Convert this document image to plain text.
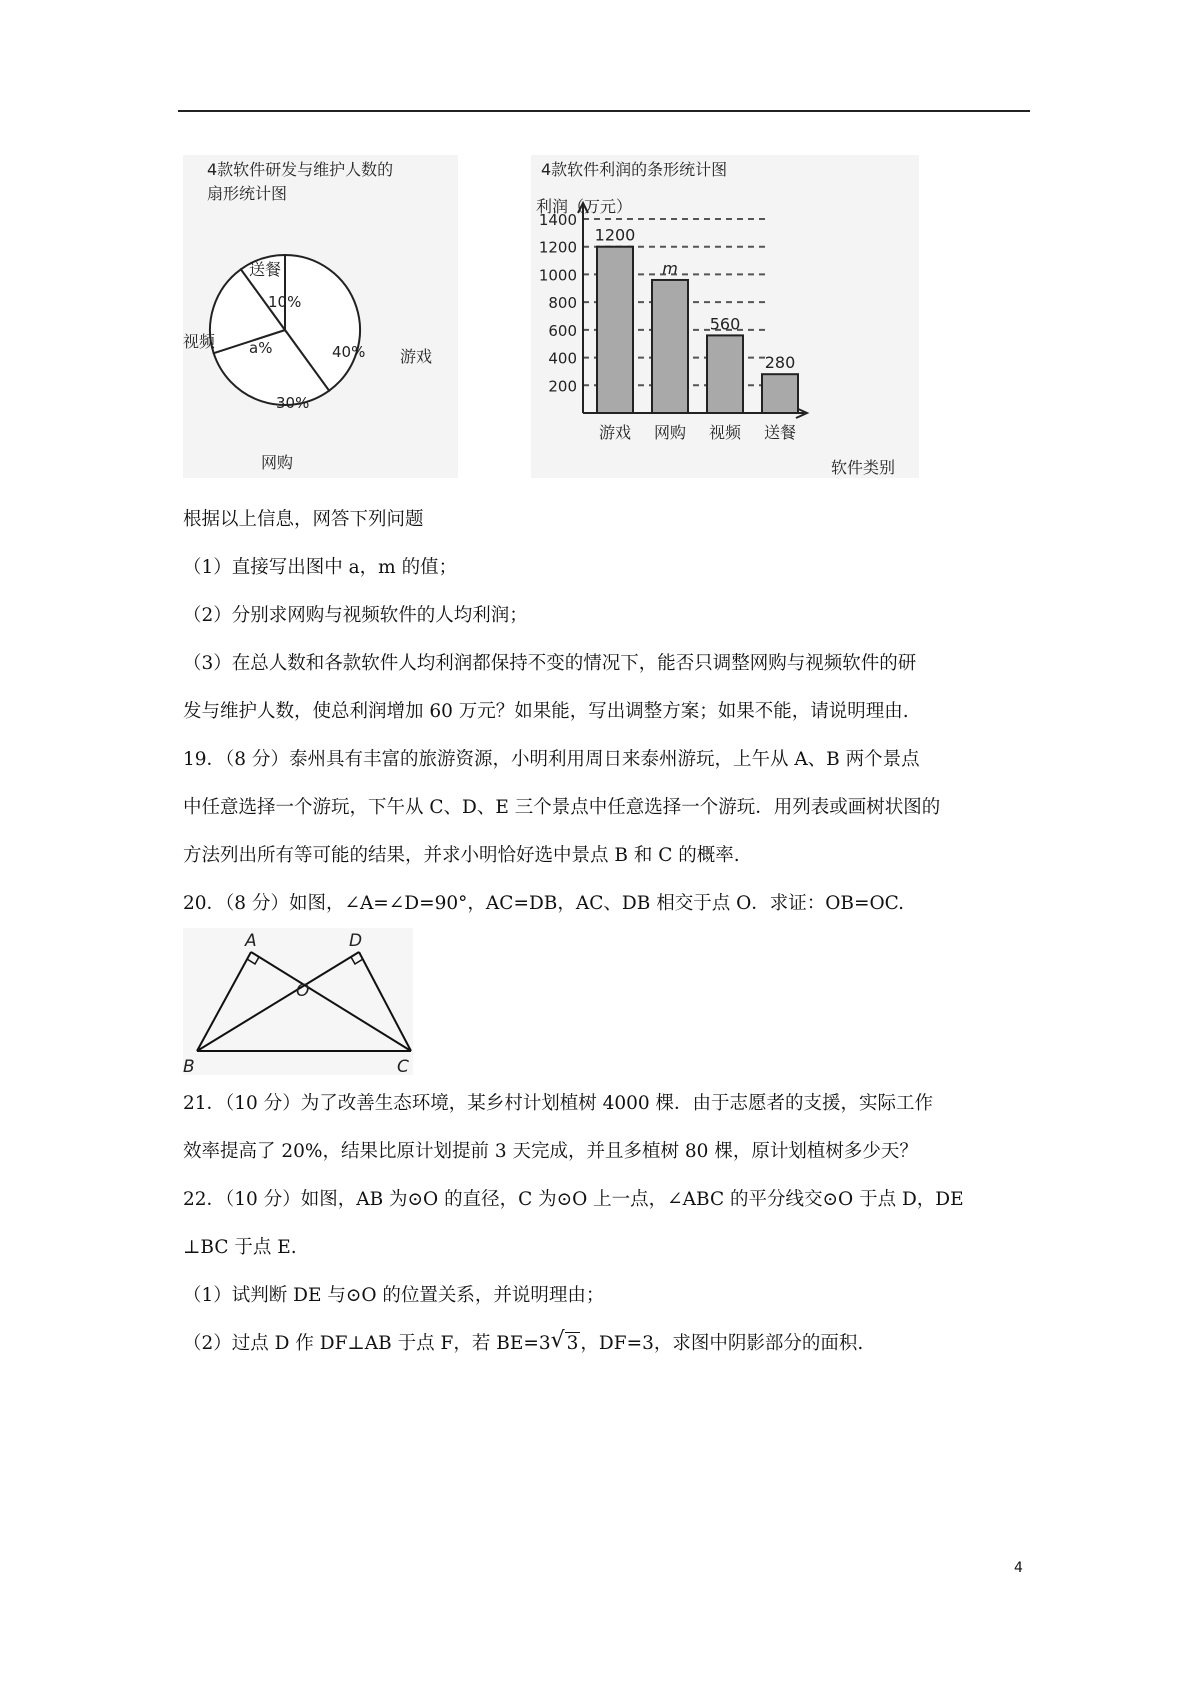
4款软件研发与维护人数的
扇形统计图
送餐
视频
游戏
网购
10%
a%	40%
30%
4款软件利润的条形统计图
利润（万元）
软件类别
200
400
600
800
1000
1200
1400
1200
游戏
m
网购
560
视频
280
送餐
根据以上信息，网答下列问题
（1）直接写出图中 a，m 的值；
（2）分别求网购与视频软件的人均利润；
（3）在总人数和各款软件人均利润都保持不变的情况下，能否只调整网购与视频软件的研
发与维护人数，使总利润增加 60 万元？如果能，写出调整方案；如果不能，请说明理由.
19．（8 分）泰州具有丰富的旅游资源，小明利用周日来泰州游玩，上午从 A、B 两个景点
中任意选择一个游玩，下午从 C、D、E 三个景点中任意选择一个游玩．用列表或画树状图的
方法列出所有等可能的结果，并求小明恰好选中景点 B 和 C 的概率.
20．（8 分）如图，∠A=∠D=90°，AC=DB，AC、DB 相交于点 O．求证：OB=OC.
A	D
O
B	C
21．（10 分）为了改善生态环境，某乡村计划植树 4000 棵．由于志愿者的支援，实际工作
效率提高了 20%，结果比原计划提前 3 天完成，并且多植树 80 棵，原计划植树多少天？
22．（10 分）如图，AB 为⊙O 的直径，C 为⊙O 上一点，∠ABC 的平分线交⊙O 于点 D，DE
⊥BC 于点 E.
（1）试判断 DE 与⊙O 的位置关系，并说明理由；
（2）过点 D 作 DF⊥AB 于点 F，若 BE=3 √ 3 ，DF=3，求图中阴影部分的面积.
4
